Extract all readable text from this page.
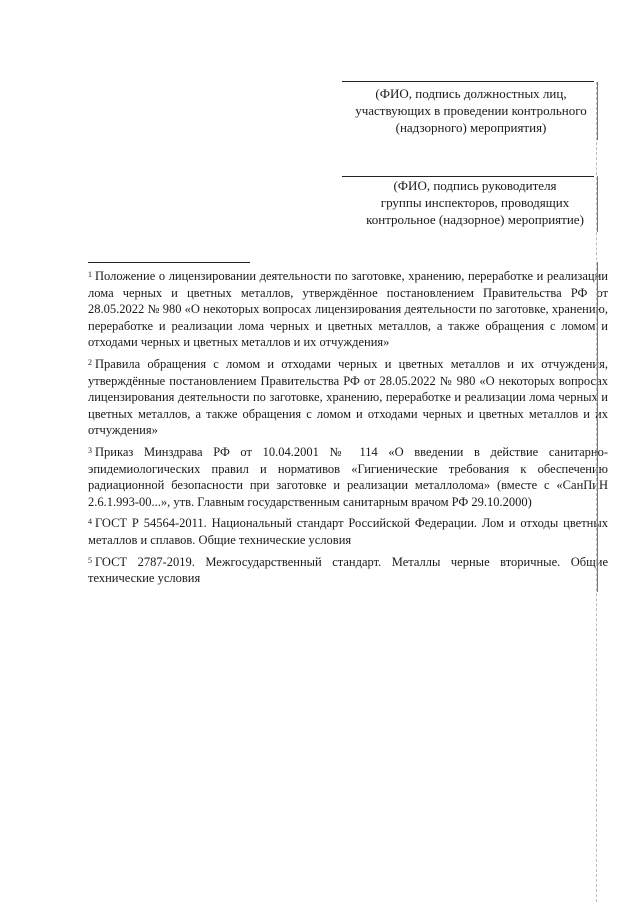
(ФИО, подпись должностных лиц,
участвующих в проведении контрольного
(надзорного) мероприятия)
(ФИО, подпись руководителя
группы инспекторов, проводящих
контрольное (надзорное) мероприятие)

$^1$ Положение о лицензировании деятельности по заготовке, хранению, переработке и реализации лома черных и цветных металлов, утверждённое постановлением Правительства РФ от 28.05.2022 № 980 «О некоторых вопросах лицензирования деятельности по заготовке, хранению, переработке и реализации лома черных и цветных металлов, а также обращения с ломом и отходами черных и цветных металлов и их отчуждения»

$^2$ Правила обращения с ломом и отходами черных и цветных металлов и их отчуждения, утверждённые постановлением Правительства РФ от 28.05.2022 № 980 «О некоторых вопросах лицензирования деятельности по заготовке, хранению, переработке и реализации лома черных и цветных металлов, а также обращения с ломом и отходами черных и цветных металлов и их отчуждения»

$^3$ Приказ Минздрава РФ от 10.04.2001 № 114 «О введении в действие санитарно-эпидемиологических правил и нормативов «Гигиенические требования к обеспечению радиационной безопасности при заготовке и реализации металлолома» (вместе с «СанПиН 2.6.1.993-00...», утв. Главным государственным санитарным врачом РФ 29.10.2000)

$^4$ ГОСТ Р 54564-2011. Национальный стандарт Российской Федерации. Лом и отходы цветных металлов и сплавов. Общие технические условия

$^5$ ГОСТ 2787-2019. Межгосударственный стандарт. Металлы черные вторичные. Общие технические условия
